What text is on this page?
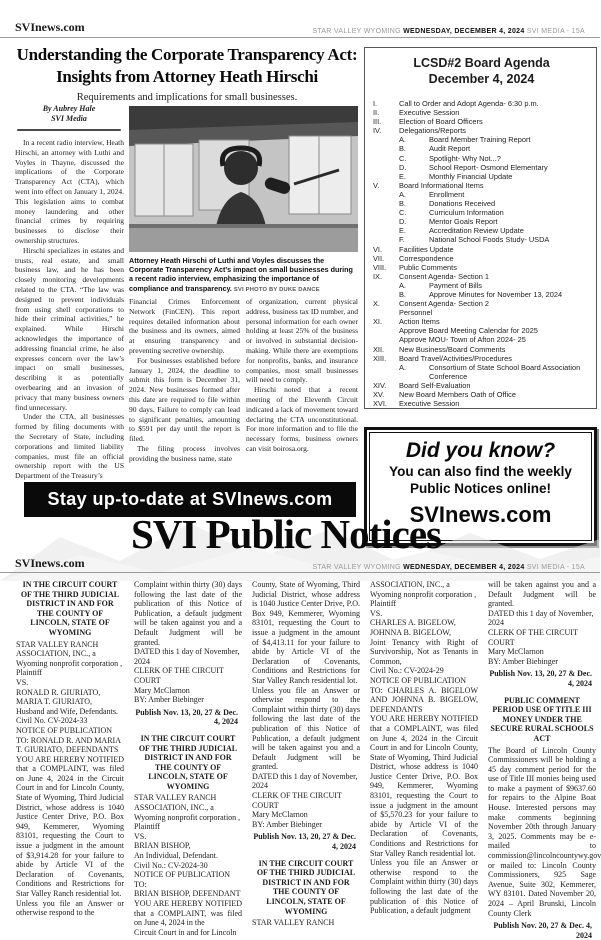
SVInews.com	STAR VALLEY WYOMING WEDNESDAY, DECEMBER 4, 2024 SVI MEDIA - 15A
Understanding the Corporate Transparency Act: Insights from Attorney Heath Hirschi
Requirements and implications for small businesses.
By Aubrey Hale
SVI Media
Attorney Heath Hirschi of Luthi and Voyles discusses the Corporate Transparency Act’s impact on small businesses during a recent radio interview, emphasizing the importance of compliance and transparency. SVI PHOTO BY DUKE DANCE

In a recent radio interview, Heath Hirschi, an attorney with Luthi and Voyles in Thayne, discussed the implications of the Corporate Transparency Act (CTA), which went into effect on January 1, 2024. This legislation aims to combat money laundering and other financial crimes by requiring businesses to disclose their ownership structures.

Hirschi specializes in estates and trusts, real estate, and small business law, and he has been closely monitoring developments related to the CTA. “The law was designed to prevent individuals from using shell corporations to hide their criminal activities,” he explained. While Hirschi acknowledges the importance of addressing financial crime, he also expresses concern over the law’s impact on small businesses, describing it as potentially overbearing and an invasion of privacy that many business owners find unnecessary.

Under the CTA, all businesses formed by filing documents with the Secretary of State, including corporations and limited liability companies, must file an official ownership report with the US Department of the Treasury’s

Financial Crimes Enforcement Network (FinCEN). This report requires detailed information about the business and its owners, aimed at ensuring transparency and preventing secretive ownership.

For businesses established before January 1, 2024, the deadline to submit this form is December 31, 2024. New businesses formed after this date are required to file within 90 days. Failure to comply can lead to significant penalties, amounting to $591 per day until the report is filed.

The filing process involves providing the business name, state

of organization, current physical address, business tax ID number, and personal information for each owner holding at least 25% of the business or involved in substantial decision-making. While there are exemptions for nonprofits, banks, and insurance companies, most small businesses will need to comply.

Hirschi noted that a recent meeting of the Eleventh Circuit indicated a lack of movement toward declaring the CTA unconstitutional. For more information and to file the necessary forms, business owners can visit boirosa.org.

LCSD#2 Board Agenda
December 4, 2024
I.	Call to Order and Adopt Agenda- 6:30 p.m.
II.	Executive Session
III.	Election of Board Officers
IV.	Delegations/Reports
A.	Board Member Training Report
B.	Audit Report
C.	Spotlight- Why Not...?
D.	School Report- Osmond Elementary
E.	Monthly Financial Update
V.	Board Informational Items
A.	Enrollment
B.	Donations Received
C.	Curriculum Information
D.	Mentor Goals Report
E.	Accreditation Review Update
F.	National School Foods Study- USDA
VI.	Facilities Update
VII.	Correspondence
VIII.	Public Comments
IX.	Consent Agenda- Section 1
A.	Payment of Bills
B.	Approve Minutes for November 13, 2024
X.	Consent Agenda- Section 2
Personnel
XI.	Action Items
Approve Board Meeting Calendar for 2025
Approve MOU- Town of Afton 2024- 25
XII.	New Business/Board Comments
XIII.	Board Travel/Activities/Procedures
A.	Consortium of State School Board Association Conference
XIV.	Board Self-Evaluation
XV.	New Board Members Oath of Office
XVI.	Executive Session
Did you know?
You can also find the weekly
Public Notices online!
SVInews.com
Stay up-to-date at SVInews.com
SVI Public Notices
SVInews.com	STAR VALLEY WYOMING WEDNESDAY, DECEMBER 4, 2024 SVI MEDIA - 15A
IN THE CIRCUIT COURT OF THE THIRD JUDICIAL DISTRICT IN AND FOR THE COUNTY OF LINCOLN, STATE OF WYOMING
STAR VALLEY RANCH ASSOCIATION, INC., a Wyoming nonprofit corporation , Plaintiff
VS.
RONALD R. GIURIATO,
MARIA T. GIURIATO,
Husband and Wife, Defendants.
Civil No. CV-2024-33
NOTICE OF PUBLICATION
TO: RONALD R. AND MARIA T. GIURIATO, DEFENDANTS
YOU ARE HEREBY NOTIFIED that a COMPLAINT, was filed on June 4, 2024 in the Circuit Court in and for Lincoln County, State of Wyoming, Third Judicial District, whose address is 1040 Justice Center Drive, P.O. Box 949, Kemmerer, Wyoming 83101, requesting the Court to issue a judgment in the amount of $3,914.28 for your failure to abide by Article VI of the Declaration of Covenants, Conditions and Restrictions for Star Valley Ranch residential lot.
Unless you file an Answer or otherwise respond to the
Complaint within thirty (30) days following the last date of the publication of this Notice of Publication, a default judgment will be taken against you and a Default Judgment will be granted.
DATED this 1 day of November, 2024
CLERK OF THE CIRCUIT COURT
Mary McClarnon
BY: Amber Biebinger
Publish Nov. 13, 20, 27 & Dec. 4, 2024
IN THE CIRCUIT COURT OF THE THIRD JUDICIAL DISTRICT IN AND FOR THE COUNTY OF LINCOLN, STATE OF WYOMING
STAR VALLEY RANCH ASSOCIATION, INC., a Wyoming nonprofit corporation , Plaintiff
VS.
BRIAN BISHOP,
An Individual, Defendant.
Civil No.: CV-2024-30
NOTICE OF PUBLICATION
TO:
BRIAN BISHOP, DEFENDANT
YOU ARE HEREBY NOTIFIED that a COMPLAINT, was filed on June 4, 2024 in the
Circuit Court in and for Lincoln
County, State of Wyoming, Third Judicial District, whose address is 1040 Justice Center Drive, P.O. Box 949, Kemmerer, Wyoming 83101, requesting the Court to issue a judgment in the amount of $4,413.11 for your failure to abide by Article VI of the Declaration of Covenants, Conditions and Restrictions for Star Valley Ranch residential lot.
Unless you file an Answer or otherwise respond to the Complaint within thirty (30) days following the last date of the publication of this Notice of Publication, a default judgment will be taken against you and a Default Judgment will be granted.
DATED this 1 day of November, 2024
CLERK OF THE CIRCUIT COURT
Mary McClarnon
BY: Amber Biebinger
Publish Nov. 13, 20, 27 & Dec. 4, 2024
IN THE CIRCUIT COURT OF THE THIRD JUDICIAL DISTRICT IN AND FOR THE COUNTY OF LINCOLN, STATE OF WYOMING
STAR VALLEY RANCH
ASSOCIATION, INC., a Wyoming nonprofit corporation , Plaintiff
VS.
CHARLES A. BIGELOW,
JOHNNA B. BIGELOW,
Joint Tenancy with Right of Survivorship, Not as Tenants in Common,
Civil No.: CV-2024-29
NOTICE OF PUBLICATION
TO: CHARLES A. BIGELOW AND JOHNNA B. BIGELOW, DEFENDANTS
YOU ARE HEREBY NOTIFIED that a COMPLAINT, was filed on June 4, 2024 in the Circuit Court in and for Lincoln County, State of Wyoming, Third Judicial District, whose address is 1040 Justice Center Drive, P.O. Box 949, Kemmerer, Wyoming 83101, requesting the Court to issue a judgment in the amount of $5,570.23 for your failure to abide by Article VI of the Declaration of Covenants, Conditions and Restrictions for Star Valley Ranch residential lot.
Unless you file an Answer or otherwise respond to the Complaint within thirty (30) days following the last date of the publication of this Notice of Publication, a default judgment
will be taken against you and a Default Judgment will be granted.
DATED this 1 day of November, 2024
CLERK OF THE CIRCUIT COURT
Mary McClarnon
BY: Amber Biebinger
Publish Nov. 13, 20, 27 & Dec. 4, 2024
PUBLIC COMMENT PERIOD USE OF TITLE III MONEY UNDER THE SECURE RURAL SCHOOLS ACT
The Board of Lincoln County Commissioners will be holding a 45 day comment period for the use of Title III monies being used to make a payment of $9637.60 for repairs to the Alpine Boat House. Interested persons may make comments beginning November 20th through January 3, 2025. Comments may be e-mailed to commission@lincolncountywy.gov or mailed to: Lincoln County Commissioners, 925 Sage Avenue, Suite 302, Kemmerer, WY 83101. Dated November 20, 2024 – April Brunski, Lincoln County Clerk
Publish Nov. 20, 27 & Dec. 4, 2024
